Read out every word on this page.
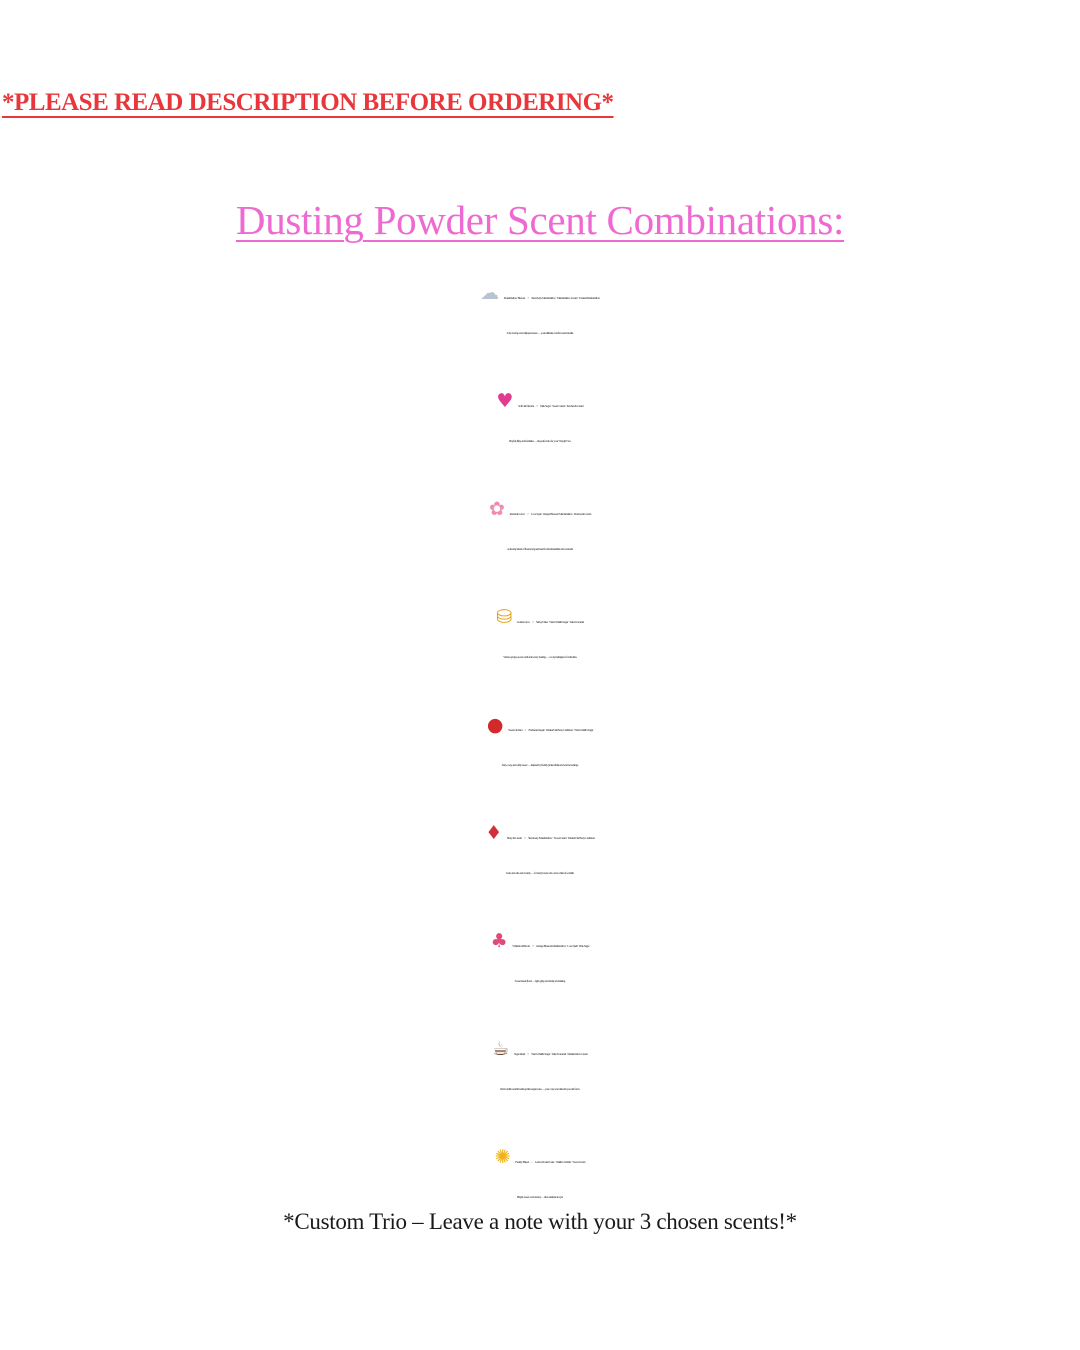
*PLEASE READ DESCRIPTION BEFORE ORDERING*
Dusting Powder Scent Combinations:
☁ Marshmallow Heaven > Strawberry Marshmallow · Marshmallow Cream · Toasted Marshmallow
Soft, creamy, and whipped-sweet — your ultimate comfort-scent bundle.
♥ Soft Girl Dreams > Pink Sugar · Sweet Cream · Peaches & Cream
Playful, flirty, and feminine — the perfect trio for your “that girl” era.
✿ Romantic Glow > Love Spell · Orange Blossom Marshmallow · Peaches & Cream
A dreamy blend of floral and gourmand for that irresistible soft scent trail.
⛁ Golden Glow > Sticky Dates · Warm Vanilla Sugar · Salted Caramel
Warm, syrupy-sweet comfort in every dusting — a cozy indulgence for the skin.
● Sweet Orchard > Enchanted Apple · Rhubarb & Berry Cashmere · Warm Vanilla Sugar
Juicy, cozy, and softly sweet — inspired by freshly picked fruits and warm evenings.
♦ Berry & Cream > Strawberry Marshmallow · Sweet Cream · Rhubarb & Berry Cashmere
Lush, smooth, and creamy — for berry lovers who crave a hint of warmth.
♣ Whimsical Bloom > Orange Blossom Marshmallow · Love Spell · Pink Sugar
Sweet meets floral — light, girly, and totally enchanting.
☕ Sugar Rush > Warm Vanilla Sugar · Salted Caramel · Marshmallow Cream
Rich vanilla warmth with golden sugar notes — your cozy scent ritual in powder form.
✺ Freshly Baked – Lemon Pound Cake · Vanilla Crumble · Sweet Cream
Bright, sweet, and creamy — like sunshine in a jar.

*Custom Trio – Leave a note with your 3 chosen scents!*
